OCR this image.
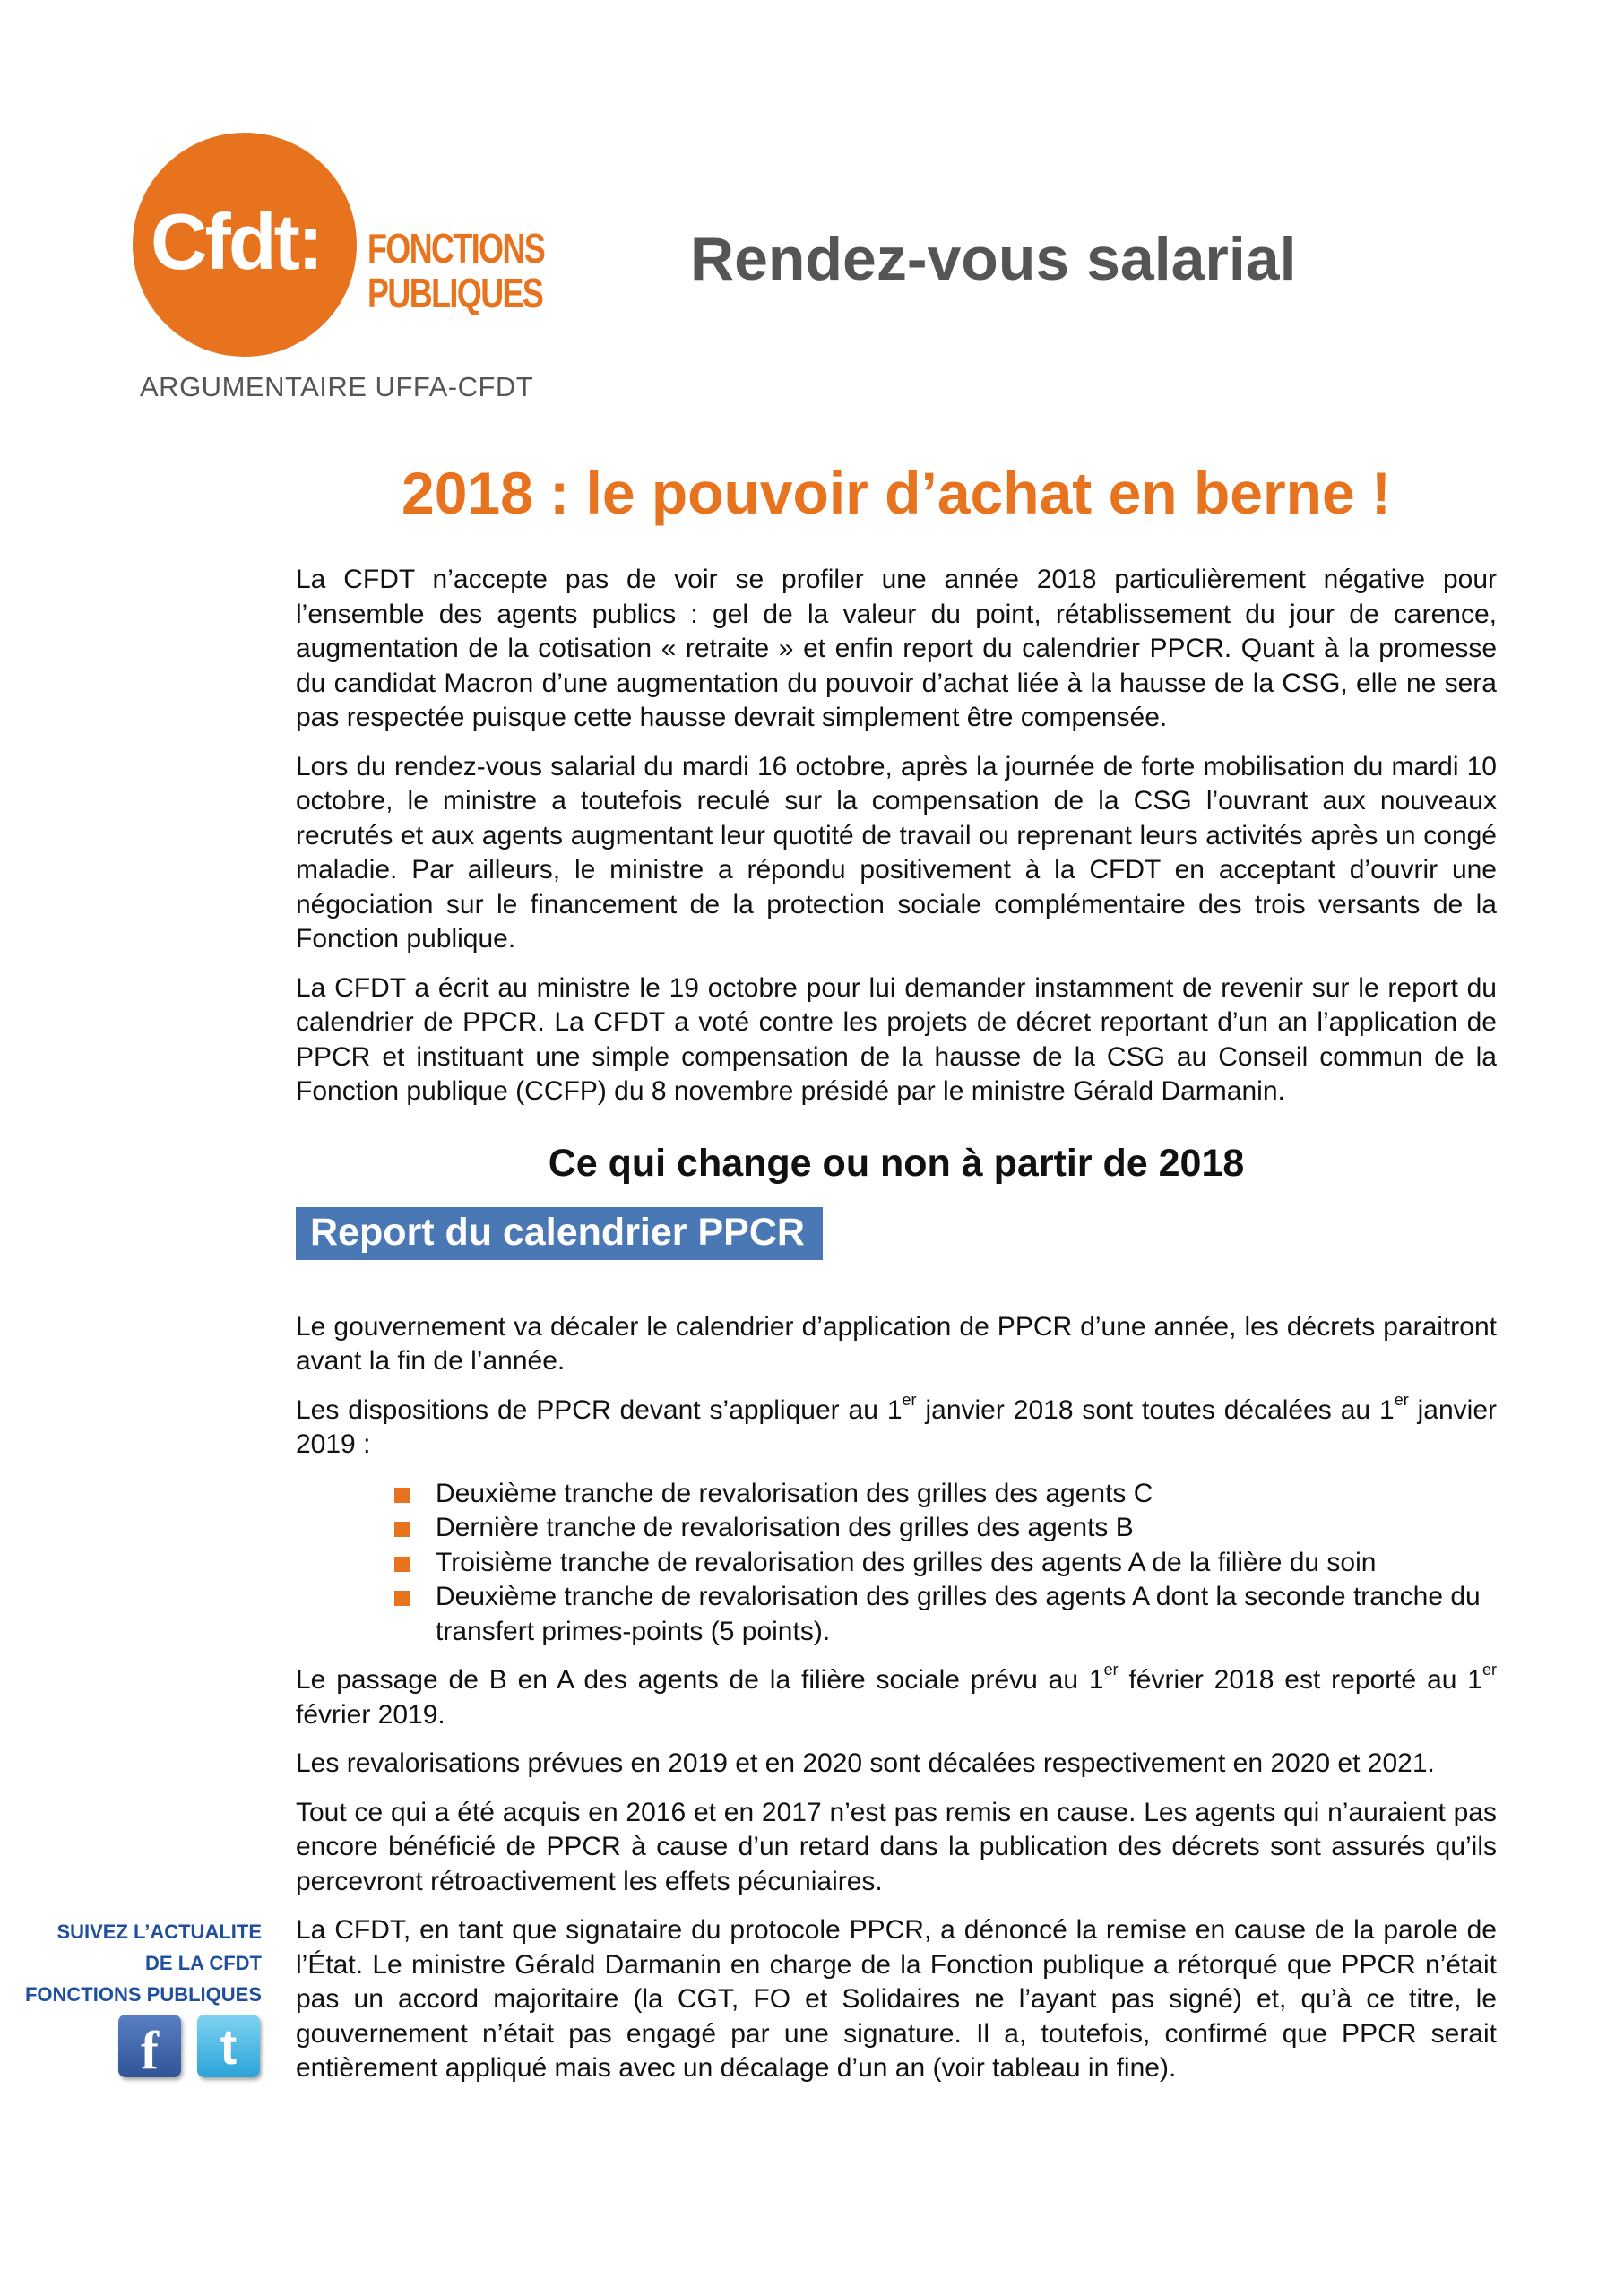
Cfdt: FONCTIONS
PUBLIQUES
ARGUMENTAIRE UFFA-CFDT
Rendez-vous salarial
2018 : le pouvoir d’achat en berne !

La CFDT n’accepte pas de voir se profiler une année 2018 particulièrement négative pour l’ensemble des agents publics : gel de la valeur du point, rétablissement du jour de carence, augmentation de la cotisation « retraite » et enfin report du calendrier PPCR. Quant à la promesse du candidat Macron d’une augmentation du pouvoir d’achat liée à la hausse de la CSG, elle ne sera pas respectée puisque cette hausse devrait simplement être compensée.

Lors du rendez-vous salarial du mardi 16 octobre, après la journée de forte mobilisation du mardi 10 octobre, le ministre a toutefois reculé sur la compensation de la CSG l’ouvrant aux nouveaux recrutés et aux agents augmentant leur quotité de travail ou reprenant leurs activités après un congé maladie. Par ailleurs, le ministre a répondu positivement à la CFDT en acceptant d’ouvrir une négociation sur le financement de la protection sociale complémentaire des trois versants de la Fonction publique.

La CFDT a écrit au ministre le 19 octobre pour lui demander instamment de revenir sur le report du calendrier de PPCR. La CFDT a voté contre les projets de décret reportant d’un an l’application de PPCR et instituant une simple compensation de la hausse de la CSG au Conseil commun de la Fonction publique (CCFP) du 8 novembre présidé par le ministre Gérald Darmanin.

Ce qui change ou non à partir de 2018
Report du calendrier PPCR

Le gouvernement va décaler le calendrier d’application de PPCR d’une année, les décrets paraitront avant la fin de l’année.

Les dispositions de PPCR devant s’appliquer au 1er janvier 2018 sont toutes décalées au 1er janvier 2019 :

Deuxième tranche de revalorisation des grilles des agents C
Dernière tranche de revalorisation des grilles des agents B
Troisième tranche de revalorisation des grilles des agents A de la filière du soin
Deuxième tranche de revalorisation des grilles des agents A dont la seconde tranche du transfert primes-points (5 points).

Le passage de B en A des agents de la filière sociale prévu au 1er février 2018 est reporté au 1er février 2019.

Les revalorisations prévues en 2019 et en 2020 sont décalées respectivement en 2020 et 2021.

Tout ce qui a été acquis en 2016 et en 2017 n’est pas remis en cause. Les agents qui n’auraient pas encore bénéficié de PPCR à cause d’un retard dans la publication des décrets sont assurés qu’ils percevront rétroactivement les effets pécuniaires.

La CFDT, en tant que signataire du protocole PPCR, a dénoncé la remise en cause de la parole de l’État. Le ministre Gérald Darmanin en charge de la Fonction publique a rétorqué que PPCR n’était pas un accord majoritaire (la CGT, FO et Solidaires ne l’ayant pas signé) et, qu’à ce titre, le gouvernement n’était pas engagé par une signature. Il a, toutefois, confirmé que PPCR serait entièrement appliqué mais avec un décalage d’un an (voir tableau in fine).

SUIVEZ L’ACTUALITE
DE LA CFDT
FONCTIONS PUBLIQUES
f	t
